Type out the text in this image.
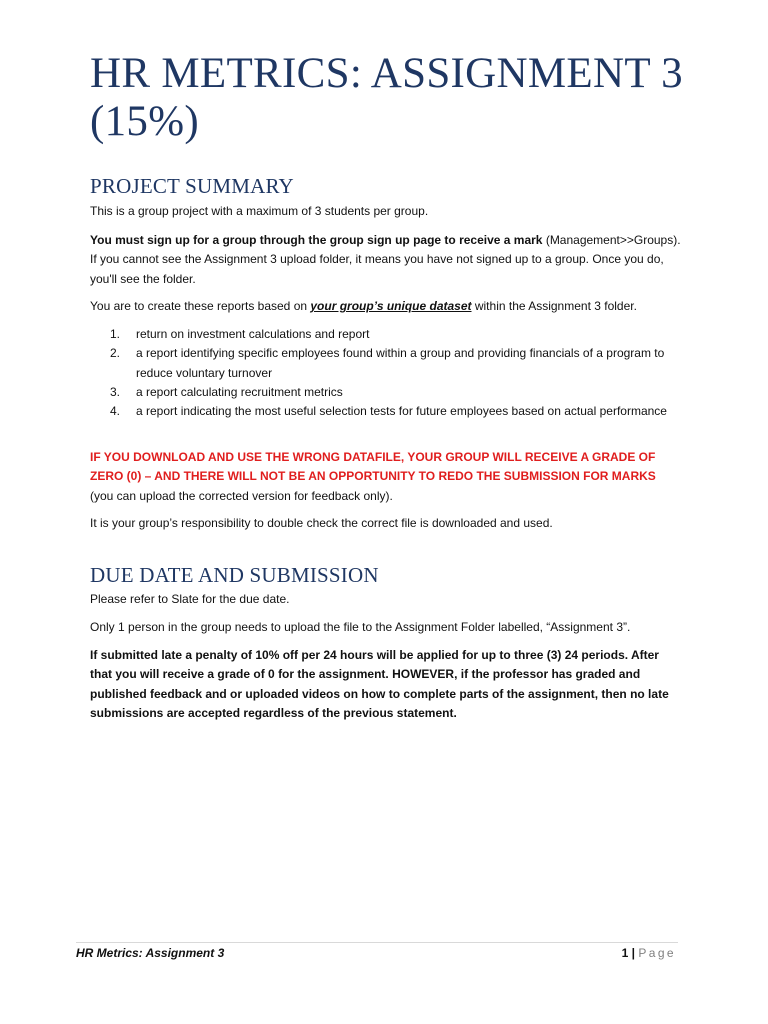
HR METRICS: ASSIGNMENT 3 (15%)
PROJECT SUMMARY

This is a group project with a maximum of 3 students per group.

You must sign up for a group through the group sign up page to receive a mark (Management>>Groups). If you cannot see the Assignment 3 upload folder, it means you have not signed up to a group. Once you do, you'll see the folder.

You are to create these reports based on your group’s unique dataset within the Assignment 3 folder.

1. return on investment calculations and report
2. a report identifying specific employees found within a group and providing financials of a program to reduce voluntary turnover
3. a report calculating recruitment metrics
4. a report indicating the most useful selection tests for future employees based on actual performance

IF YOU DOWNLOAD AND USE THE WRONG DATAFILE, YOUR GROUP WILL RECEIVE A GRADE OF ZERO (0) – AND THERE WILL NOT BE AN OPPORTUNITY TO REDO THE SUBMISSION FOR MARKS (you can upload the corrected version for feedback only).

It is your group’s responsibility to double check the correct file is downloaded and used.

DUE DATE AND SUBMISSION

Please refer to Slate for the due date.

Only 1 person in the group needs to upload the file to the Assignment Folder labelled, “Assignment 3”.

If submitted late a penalty of 10% off per 24 hours will be applied for up to three (3) 24 periods. After that you will receive a grade of 0 for the assignment. HOWEVER, if the professor has graded and published feedback and or uploaded videos on how to complete parts of the assignment, then no late submissions are accepted regardless of the previous statement.

HR Metrics: Assignment 3	1 | Page
